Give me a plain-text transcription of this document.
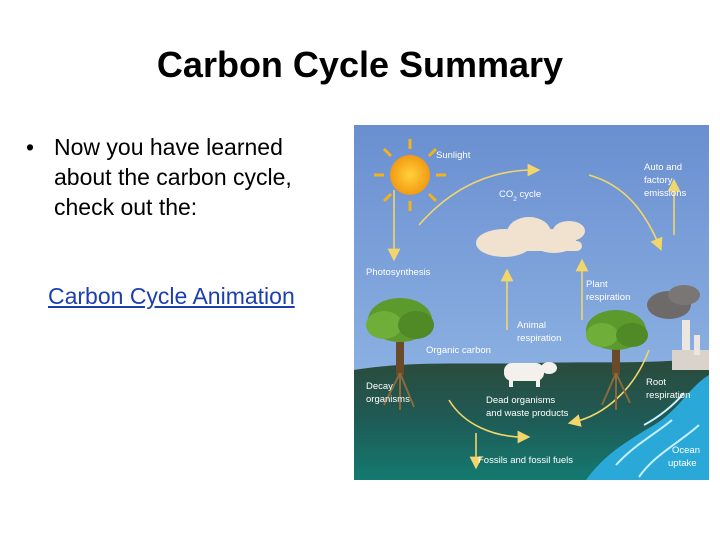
Carbon Cycle Summary
• Now you have learned about the carbon cycle, check out the:
Carbon Cycle Animation
Sunlight
$CO_2$ cycle
Auto and
factory
emissions
Photosynthesis
Plant
respiration
Animal
respiration
Organic carbon
Decay
organisms	Dead organisms
and waste products
Root
respiration
Fossils and fossil fuels
Ocean
uptake
